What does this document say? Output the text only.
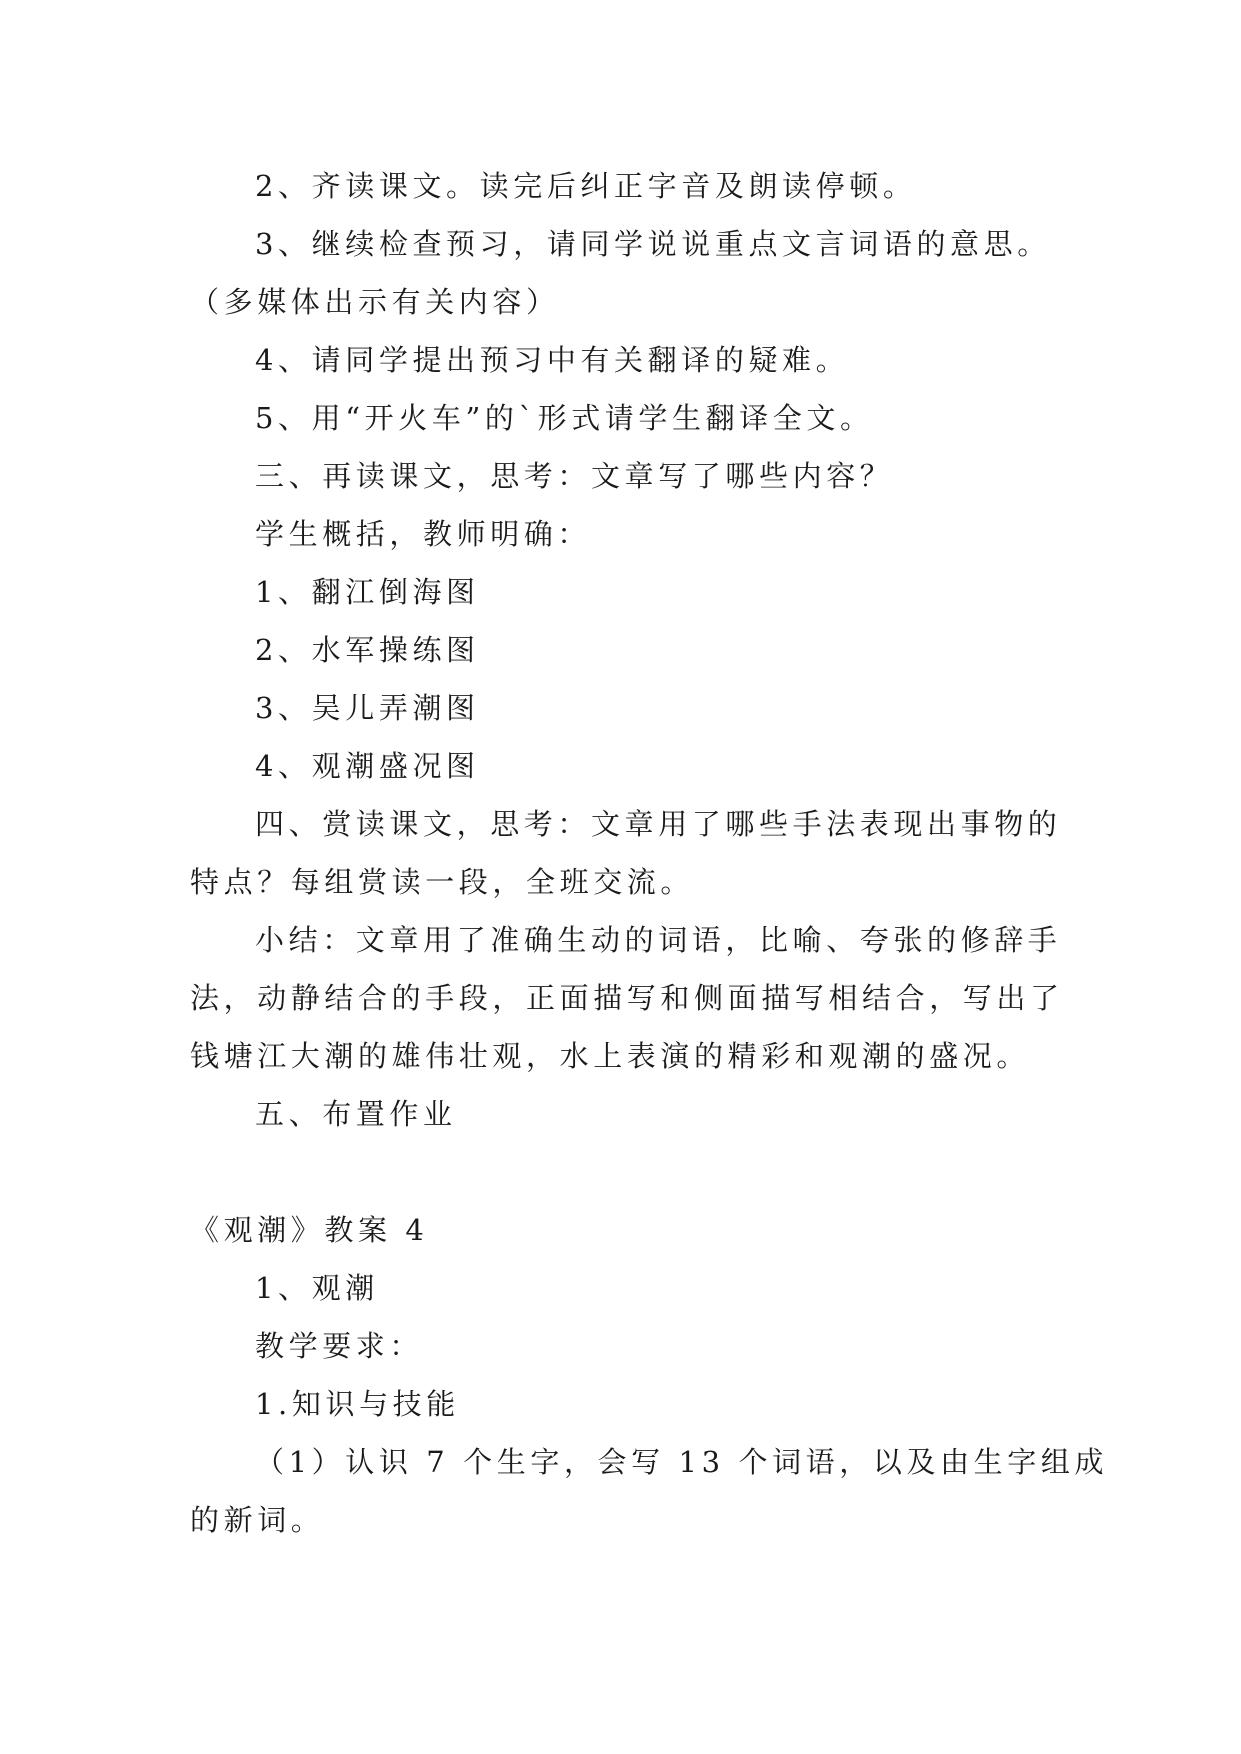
2、齐读课文。读完后纠正字音及朗读停顿。
3、继续检查预习，请同学说说重点文言词语的意思。
（多媒体出示有关内容）
4、请同学提出预习中有关翻译的疑难。
5、用“开火车”的`形式请学生翻译全文。
三、再读课文，思考：文章写了哪些内容？
学生概括，教师明确：
1、翻江倒海图
2、水军操练图
3、吴儿弄潮图
4、观潮盛况图
四、赏读课文，思考：文章用了哪些手法表现出事物的
特点？每组赏读一段，全班交流。
小结：文章用了准确生动的词语，比喻、夸张的修辞手
法，动静结合的手段，正面描写和侧面描写相结合，写出了
钱塘江大潮的雄伟壮观，水上表演的精彩和观潮的盛况。
五、布置作业
《观潮》教案 4
1、观潮
教学要求：
1.知识与技能
（1）认识 7 个生字，会写 13 个词语，以及由生字组成
的新词。
